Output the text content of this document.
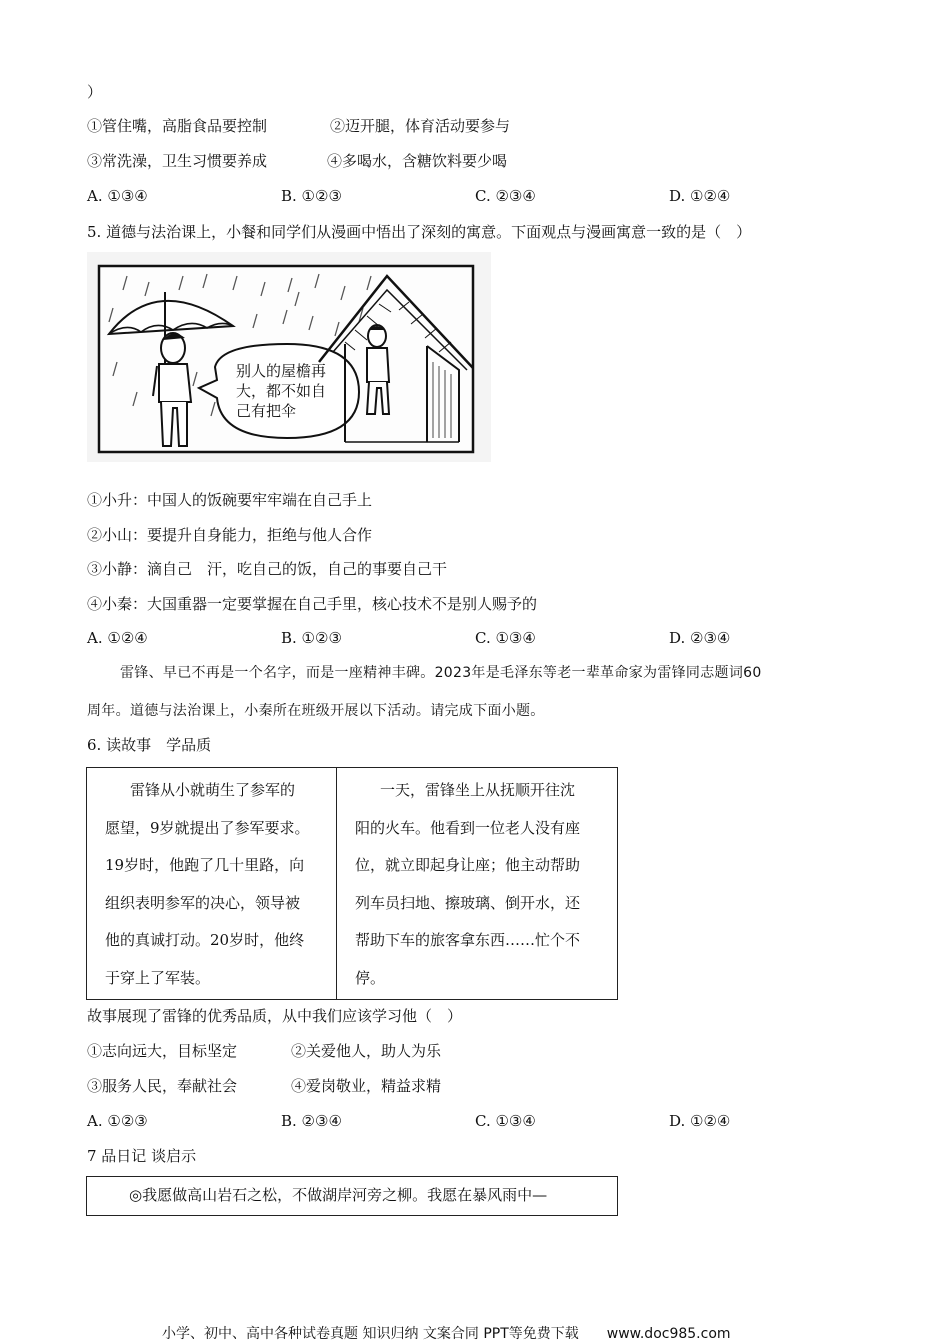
）
①管住嘴，高脂食品要控制	②迈开腿，体育活动要参与
③常洗澡，卫生习惯要养成	④多喝水，含糖饮料要少喝
A. ①③④	B. ①②③	C. ②③④	D. ①②④
5. 道德与法治课上，小餐和同学们从漫画中悟出了深刻的寓意。下面观点与漫画寓意一致的是（　）
别人的屋檐再
大，都不如自
己有把伞
①小升：中国人的饭碗要牢牢端在自己手上
②小山：要提升自身能力，拒绝与他人合作
③小静：滴自己　汗，吃自己的饭，自己的事要自己干
④小秦：大国重器一定要掌握在自己手里，核心技术不是别人赐予的
A. ①②④	B. ①②③	C. ①③④	D. ②③④
雷锋、早已不再是一个名字，而是一座精神丰碑。2023年是毛泽东等老一辈革命家为雷锋同志题词60
周年。道德与法治课上，小秦所在班级开展以下活动。请完成下面小题。
6. 读故事　学品质
雷锋从小就萌生了参军的
愿望，9岁就提出了参军要求。
19岁时，他跑了几十里路，向
组织表明参军的决心，领导被
他的真诚打动。20岁时，他终
于穿上了军装。
一天，雷锋坐上从抚顺开往沈
阳的火车。他看到一位老人没有座
位，就立即起身让座；他主动帮助
列车员扫地、擦玻璃、倒开水，还
帮助下车的旅客拿东西……忙个不
停。
故事展现了雷锋的优秀品质，从中我们应该学习他（　）
①志向远大，目标坚定	②关爱他人，助人为乐
③服务人民，奉献社会	④爱岗敬业，精益求精
A. ①②③	B. ②③④	C. ①③④	D. ①②④
7 品日记 谈启示
◎我愿做高山岩石之松，不做湖岸河旁之柳。我愿在暴风雨中—
小学、初中、高中各种试卷真题 知识归纳 文案合同 PPT等免费下载　　www.doc985.com
